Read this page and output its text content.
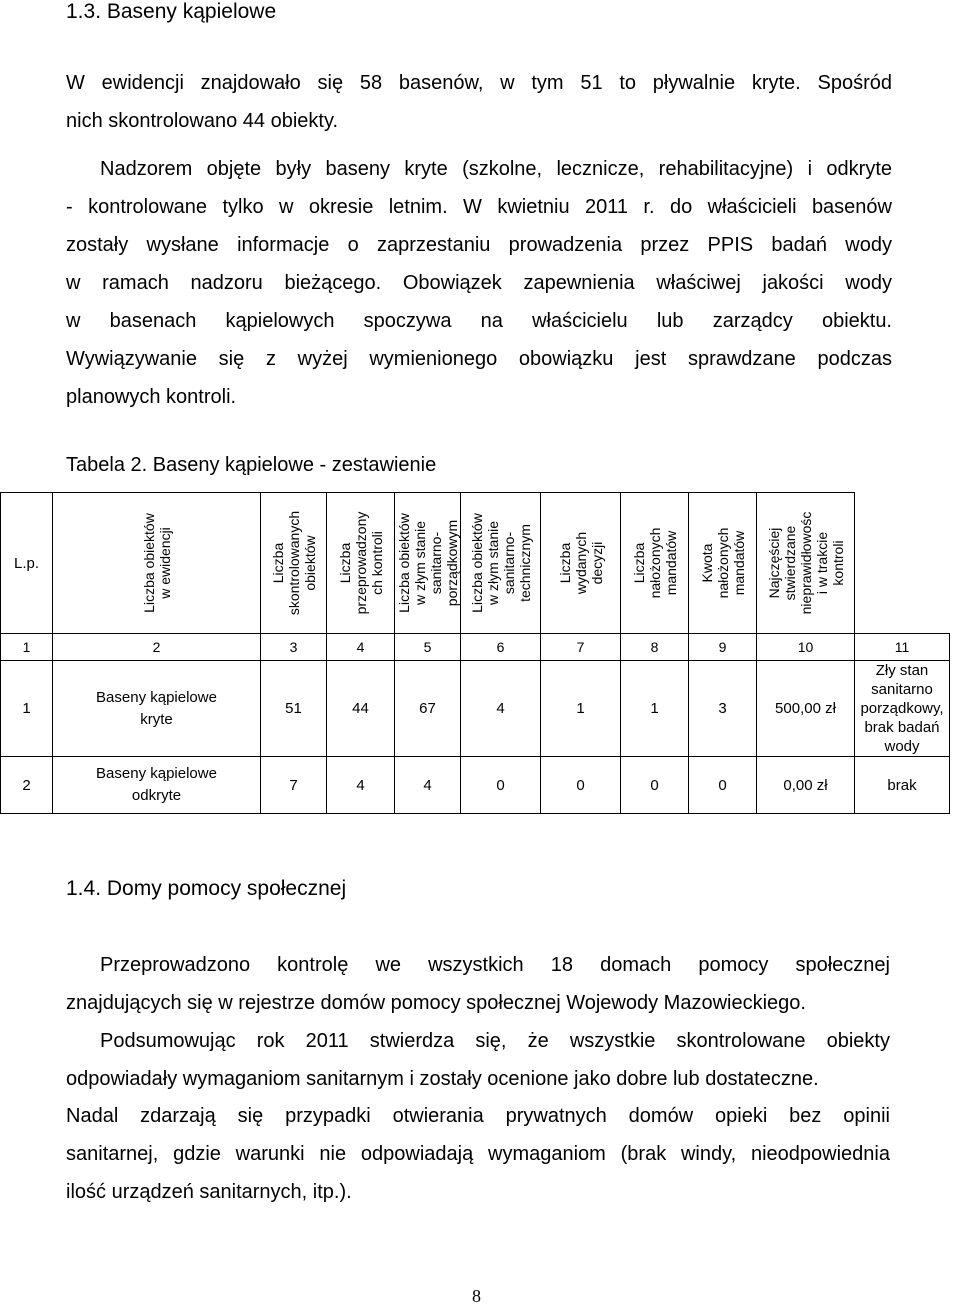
1.3. Baseny kąpielowe
W ewidencji znajdowało się 58 basenów, w tym 51 to pływalnie kryte. Spośród
nich skontrolowano 44 obiekty.
Nadzorem objęte były baseny kryte (szkolne, lecznicze, rehabilitacyjne) i odkryte
- kontrolowane tylko w okresie letnim. W kwietniu 2011 r. do właścicieli basenów
zostały wysłane informacje o zaprzestaniu prowadzenia przez PPIS badań wody
w ramach nadzoru bieżącego. Obowiązek zapewnienia właściwej jakości wody
w basenach kąpielowych spoczywa na właścicielu lub zarządcy obiektu.
Wywiązywanie się z wyżej wymienionego obowiązku jest sprawdzane podczas
planowych kontroli.
Tabela 2. Baseny kąpielowe - zestawienie
L.p.	Liczba obiektów
w ewidencji	Liczba
skontrolowanych
obiektów	Liczba
przeprowadzony
ch kontroli	Liczba obiektów
w złym stanie
sanitarno-
porządkowym	Liczba obiektów
w złym stanie
sanitarno-
technicznym	Liczba
wydanych
decyzji	Liczba
nałożonych
mandatów	Kwota
nałożonych
mandatów	Najczęściej
stwierdzane
nieprawidłowośc
i w trakcie
kontroli	

1	2	3	4	5	6	7	8	9	10	11
1	Baseny kąpielowe
kryte	51	44	67	4	1	1	3	500,00 zł	Zły stan
sanitarno
porządkowy,
brak badań
wody
2	Baseny kąpielowe
odkryte	7	4	4	0	0	0	0	0,00 zł	brak
1.4. Domy pomocy społecznej
Przeprowadzono kontrolę we wszystkich 18 domach pomocy społecznej
znajdujących się w rejestrze domów pomocy społecznej Wojewody Mazowieckiego.
Podsumowując rok 2011 stwierdza się, że wszystkie skontrolowane obiekty
odpowiadały wymaganiom sanitarnym i zostały ocenione jako dobre lub dostateczne.
Nadal zdarzają się przypadki otwierania prywatnych domów opieki bez opinii
sanitarnej, gdzie warunki nie odpowiadają wymaganiom (brak windy, nieodpowiednia
ilość urządzeń sanitarnych, itp.).
8
